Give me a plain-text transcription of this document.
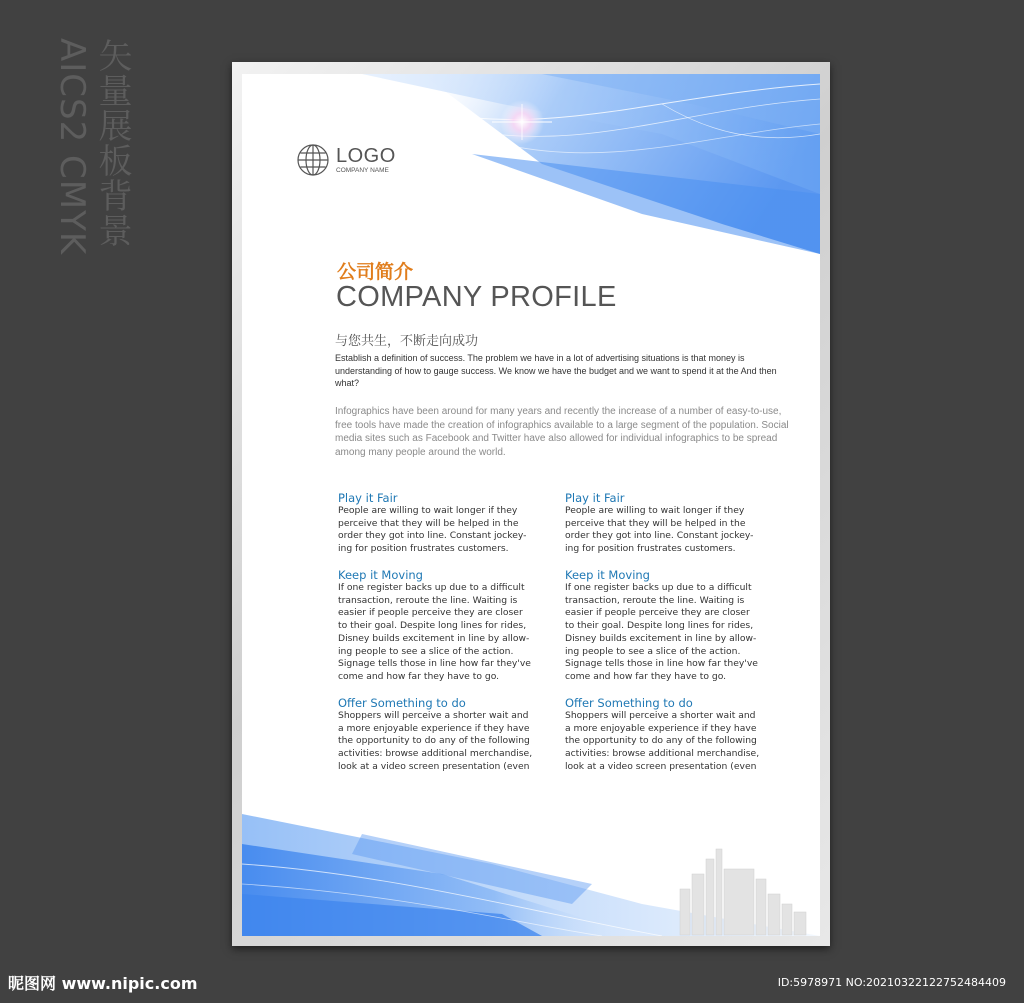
矢量展板背景
AICS2 CMYK	LOGO
COMPANY NAME
公司简介
COMPANY PROFILE
与您共生，不断走向成功
Establish a definition of success. The problem we have in a lot of advertising situations is that money is understanding of how to gauge success. We know we have the budget and we want to spend it at the And then what?
Infographics have been around for many years and recently the increase of a number of easy-to-use, free tools have made the creation of infographics available to a large segment of the population. Social media sites such as Facebook and Twitter have also allowed for individual infographics to be spread among many people around the world.
Play it Fair

People are willing to wait longer if they
perceive that they will be helped in the
order they got into line. Constant jockey-
ing for position frustrates customers.

Keep it Moving

If one register backs up due to a difficult
transaction, reroute the line. Waiting is
easier if people perceive they are closer
to their goal. Despite long lines for rides,
Disney builds excitement in line by allow-
ing people to see a slice of the action.
Signage tells those in line how far they've
come and how far they have to go.

Offer Something to do

Shoppers will perceive a shorter wait and
a more enjoyable experience if they have
the opportunity to do any of the following
activities: browse additional merchandise,
look at a video screen presentation (even

Play it Fair

People are willing to wait longer if they
perceive that they will be helped in the
order they got into line. Constant jockey-
ing for position frustrates customers.

Keep it Moving

If one register backs up due to a difficult
transaction, reroute the line. Waiting is
easier if people perceive they are closer
to their goal. Despite long lines for rides,
Disney builds excitement in line by allow-
ing people to see a slice of the action.
Signage tells those in line how far they've
come and how far they have to go.

Offer Something to do

Shoppers will perceive a shorter wait and
a more enjoyable experience if they have
the opportunity to do any of the following
activities: browse additional merchandise,
look at a video screen presentation (even

昵图网 www.nipic.com	ID:5978971 NO:20210322122752484409
